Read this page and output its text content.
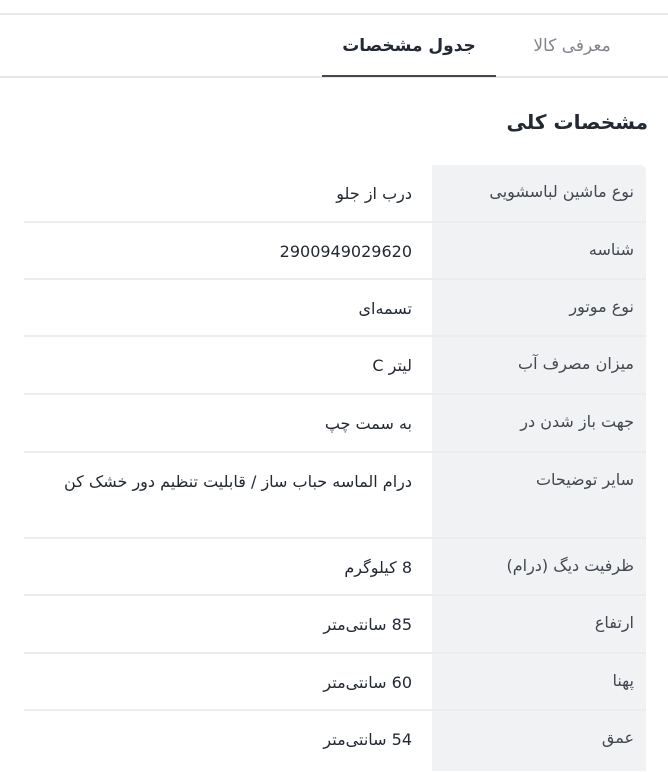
معرفی کالا
جدول مشخصات
مشخصات کلی
نوع ماشین لباسشویی
درب از جلو
شناسه
2900949029620
نوع موتور
تسمه‌ای
میزان مصرف آب
لیتر C
جهت باز شدن در
به سمت چپ
سایر توضیحات
درام الماسه حباب ساز / قابلیت تنظیم دور خشک کن
ظرفیت دیگ (درام)
8 کیلوگرم
ارتفاع
85 سانتی‌متر
پهنا
60 سانتی‌متر
عمق
54 سانتی‌متر
